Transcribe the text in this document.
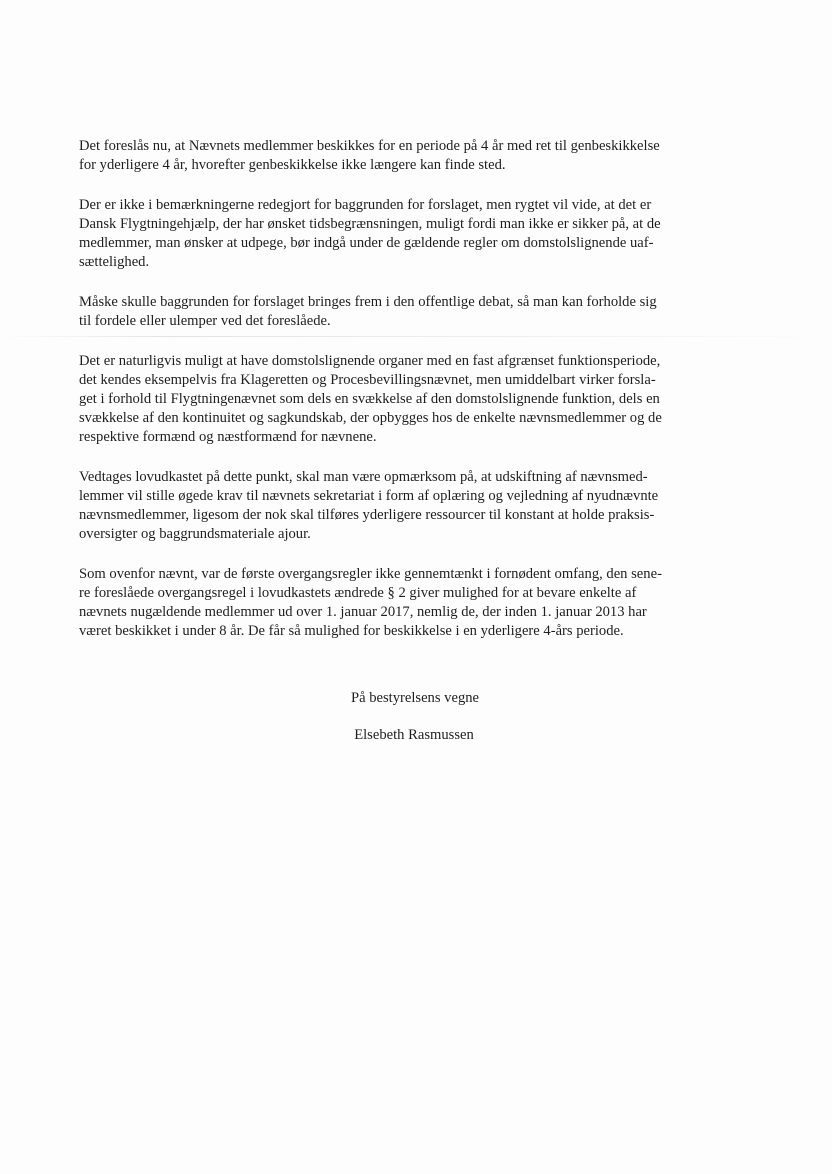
Det foreslås nu, at Nævnets medlemmer beskikkes for en periode på 4 år med ret til genbeskikkelse
for yderligere 4 år, hvorefter genbeskikkelse ikke længere kan finde sted.

Der er ikke i bemærkningerne redegjort for baggrunden for forslaget, men rygtet vil vide, at det er
Dansk Flygtningehjælp, der har ønsket tidsbegrænsningen, muligt fordi man ikke er sikker på, at de
medlemmer, man ønsker at udpege, bør indgå under de gældende regler om domstolslignende uaf-
sættelighed.

Måske skulle baggrunden for forslaget bringes frem i den offentlige debat, så man kan forholde sig
til fordele eller ulemper ved det foreslåede.

Det er naturligvis muligt at have domstolslignende organer med en fast afgrænset funktionsperiode,
det kendes eksempelvis fra Klageretten og Procesbevillingsnævnet, men umiddelbart virker forsla-
get i forhold til Flygtningenævnet som dels en svækkelse af den domstolslignende funktion, dels en
svækkelse af den kontinuitet og sagkundskab, der opbygges hos de enkelte nævnsmedlemmer og de
respektive formænd og næstformænd for nævnene.

Vedtages lovudkastet på dette punkt, skal man være opmærksom på, at udskiftning af nævnsmed-
lemmer vil stille øgede krav til nævnets sekretariat i form af oplæring og vejledning af nyudnævnte
nævnsmedlemmer, ligesom der nok skal tilføres yderligere ressourcer til konstant at holde praksis-
oversigter og baggrundsmateriale ajour.

Som ovenfor nævnt, var de første overgangsregler ikke gennemtænkt i fornødent omfang, den sene-
re foreslåede overgangsregel i lovudkastets ændrede § 2 giver mulighed for at bevare enkelte af
nævnets nugældende medlemmer ud over 1. januar 2017, nemlig de, der inden 1. januar 2013 har
været beskikket i under 8 år. De får så mulighed for beskikkelse i en yderligere 4-års periode.

På bestyrelsens vegne
Elsebeth Rasmussen
